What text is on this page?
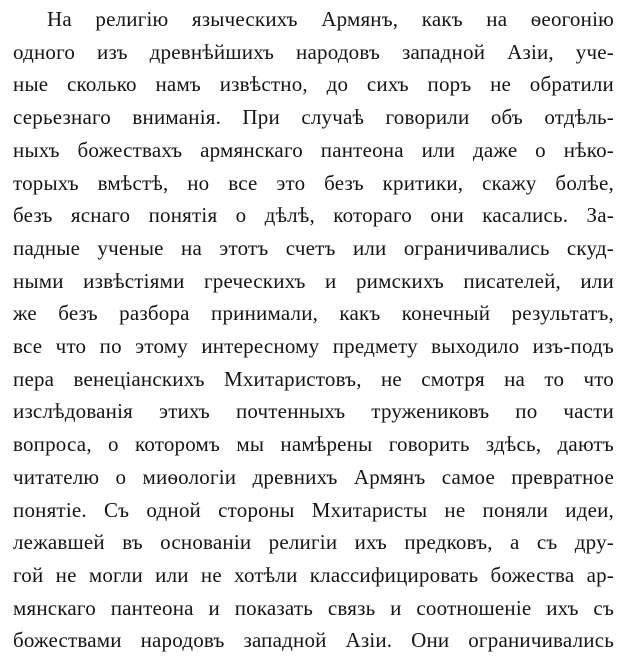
На религію языческихъ Армянъ, какъ на ѳеогонію
одного изъ древнѣйшихъ народовъ западной Азіи, уче-
ные сколько намъ извѣстно, до сихъ поръ не обратили
серьезнаго вниманія. При случаѣ говорили объ отдѣль-
ныхъ божествахъ армянскаго пантеона или даже о нѣко-
торыхъ вмѣстѣ, но все это безъ критики, скажу болѣе,
безъ яснаго понятія о дѣлѣ, котораго они касались. За-
падные ученые на этотъ счетъ или ограничивались скуд-
ными извѣстіями греческихъ и римскихъ писателей, или
же безъ разбора принимали, какъ конечный результатъ,
все что по этому интересному предмету выходило изъ-подъ
пера венеціанскихъ Мхитаристовъ, не смотря на то что
изслѣдованія этихъ почтенныхъ тружениковъ по части
вопроса, о которомъ мы намѣрены говорить здѣсь, даютъ
читателю о миѳологіи древнихъ Армянъ самое превратное
понятіе. Съ одной стороны Мхитаристы не поняли идеи,
лежавшей въ основаніи религіи ихъ предковъ, а съ дру-
гой не могли или не хотѣли классифицировать божества ар-
мянскаго пантеона и показать связь и соотношеніе ихъ съ
божествами народовъ западной Азіи. Они ограничивались
